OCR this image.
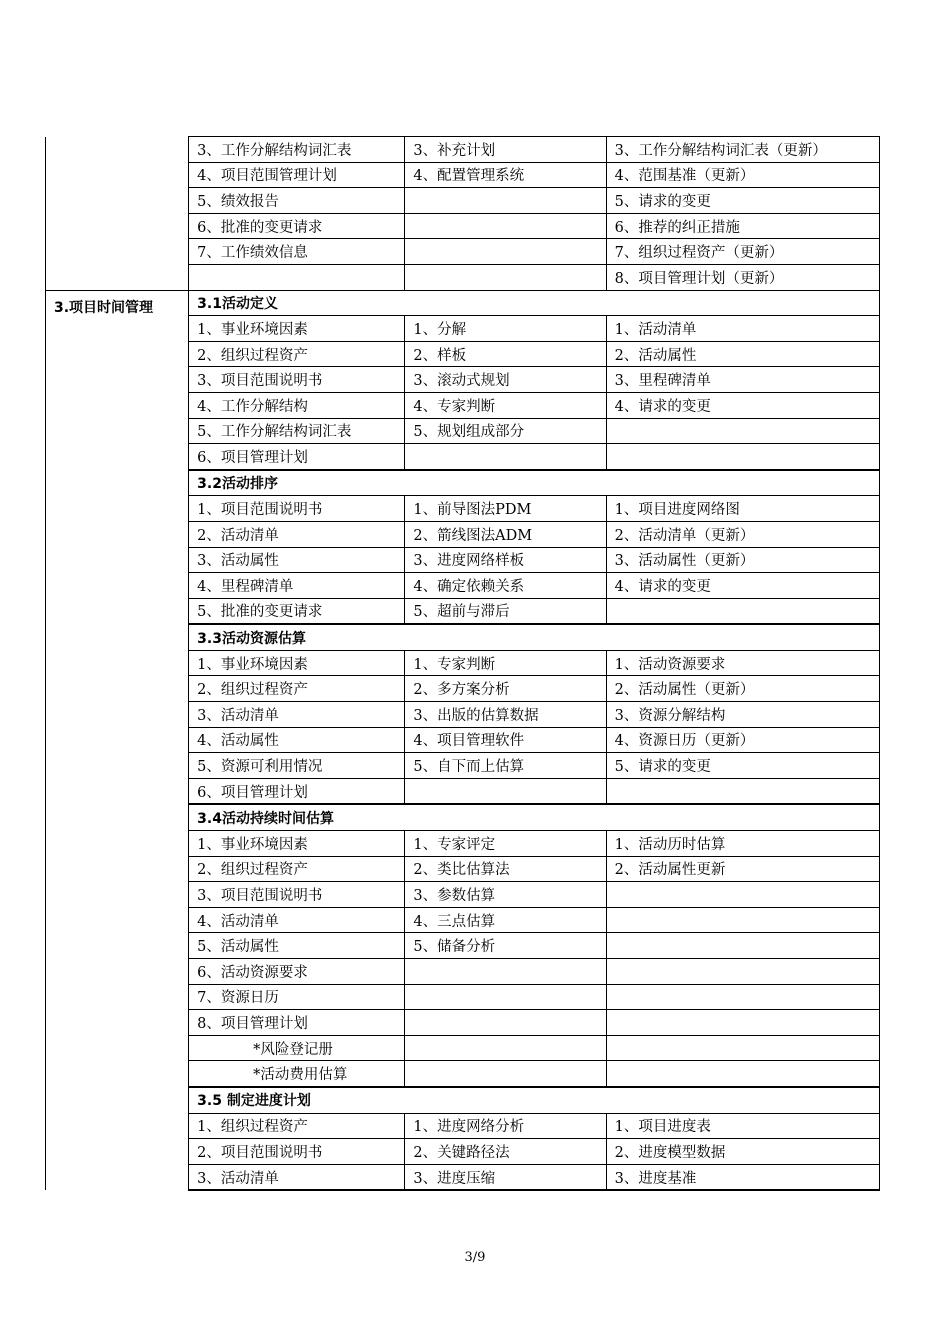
	3、工作分解结构词汇表	3、补充计划	3、工作分解结构词汇表（更新）
	4、项目范围管理计划	4、配置管理系统	4、范围基准（更新）
	5、绩效报告		5、请求的变更
	6、批准的变更请求		6、推荐的纠正措施
	7、工作绩效信息		7、组织过程资产（更新）
			8、项目管理计划（更新）
3.项目时间管理	3.1活动定义		
	1、事业环境因素	1、分解	1、活动清单
	2、组织过程资产	2、样板	2、活动属性
	3、项目范围说明书	3、滚动式规划	3、里程碑清单
	4、工作分解结构	4、专家判断	4、请求的变更
	5、工作分解结构词汇表	5、规划组成部分	
	6、项目管理计划		
	3.2活动排序		
	1、项目范围说明书	1、前导图法PDM	1、项目进度网络图
	2、活动清单	2、箭线图法ADM	2、活动清单（更新）
	3、活动属性	3、进度网络样板	3、活动属性（更新）
	4、里程碑清单	4、确定依赖关系	4、请求的变更
	5、批准的变更请求	5、超前与滞后	
	3.3活动资源估算		
	1、事业环境因素	1、专家判断	1、活动资源要求
	2、组织过程资产	2、多方案分析	2、活动属性（更新）
	3、活动清单	3、出版的估算数据	3、资源分解结构
	4、活动属性	4、项目管理软件	4、资源日历（更新）
	5、资源可利用情况	5、自下而上估算	5、请求的变更
	6、项目管理计划		
	3.4活动持续时间估算		
	1、事业环境因素	1、专家评定	1、活动历时估算
	2、组织过程资产	2、类比估算法	2、活动属性更新
	3、项目范围说明书	3、参数估算	
	4、活动清单	4、三点估算	
	5、活动属性	5、储备分析	
	6、活动资源要求		
	7、资源日历		
	8、项目管理计划		
	*风险登记册		
	*活动费用估算		
	3.5 制定进度计划		
	1、组织过程资产	1、进度网络分析	1、项目进度表
	2、项目范围说明书	2、关键路径法	2、进度模型数据
	3、活动清单	3、进度压缩	3、进度基准
3/9
